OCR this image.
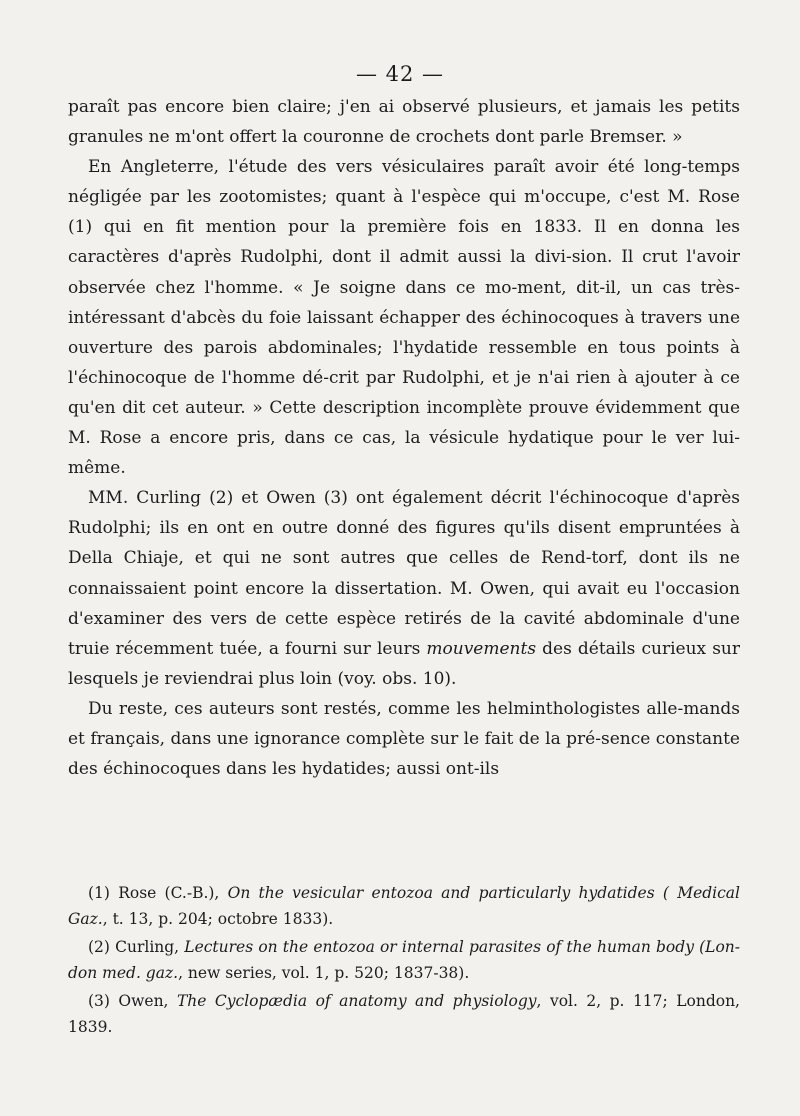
— 42 —

paraît pas encore bien claire; j'en ai observé plusieurs, et jamais les petits granules ne m'ont offert la couronne de crochets dont parle Bremser. »

En Angleterre, l'étude des vers vésiculaires paraît avoir été long-temps négligée par les zootomistes; quant à l'espèce qui m'occupe, c'est M. Rose (1) qui en fit mention pour la première fois en 1833. Il en donna les caractères d'après Rudolphi, dont il admit aussi la divi-sion. Il crut l'avoir observée chez l'homme. « Je soigne dans ce mo-ment, dit-il, un cas très-intéressant d'abcès du foie laissant échapper des échinocoques à travers une ouverture des parois abdominales; l'hydatide ressemble en tous points à l'échinocoque de l'homme dé-crit par Rudolphi, et je n'ai rien à ajouter à ce qu'en dit cet auteur. » Cette description incomplète prouve évidemment que M. Rose a encore pris, dans ce cas, la vésicule hydatique pour le ver lui-même.

MM. Curling (2) et Owen (3) ont également décrit l'échinocoque d'après Rudolphi; ils en ont en outre donné des figures qu'ils disent empruntées à Della Chiaje, et qui ne sont autres que celles de Rend-torf, dont ils ne connaissaient point encore la dissertation. M. Owen, qui avait eu l'occasion d'examiner des vers de cette espèce retirés de la cavité abdominale d'une truie récemment tuée, a fourni sur leurs mouvements des détails curieux sur lesquels je reviendrai plus loin (voy. obs. 10).

Du reste, ces auteurs sont restés, comme les helminthologistes alle-mands et français, dans une ignorance complète sur le fait de la pré-sence constante des échinocoques dans les hydatides; aussi ont-ils

(1) Rose (C.-B.), On the vesicular entozoa and particularly hydatides ( Medical Gaz., t. 13, p. 204; octobre 1833).

(2) Curling, Lectures on the entozoa or internal parasites of the human body (Lon-don med. gaz., new series, vol. 1, p. 520; 1837-38).

(3) Owen, The Cyclopædia of anatomy and physiology, vol. 2, p. 117; London, 1839.
